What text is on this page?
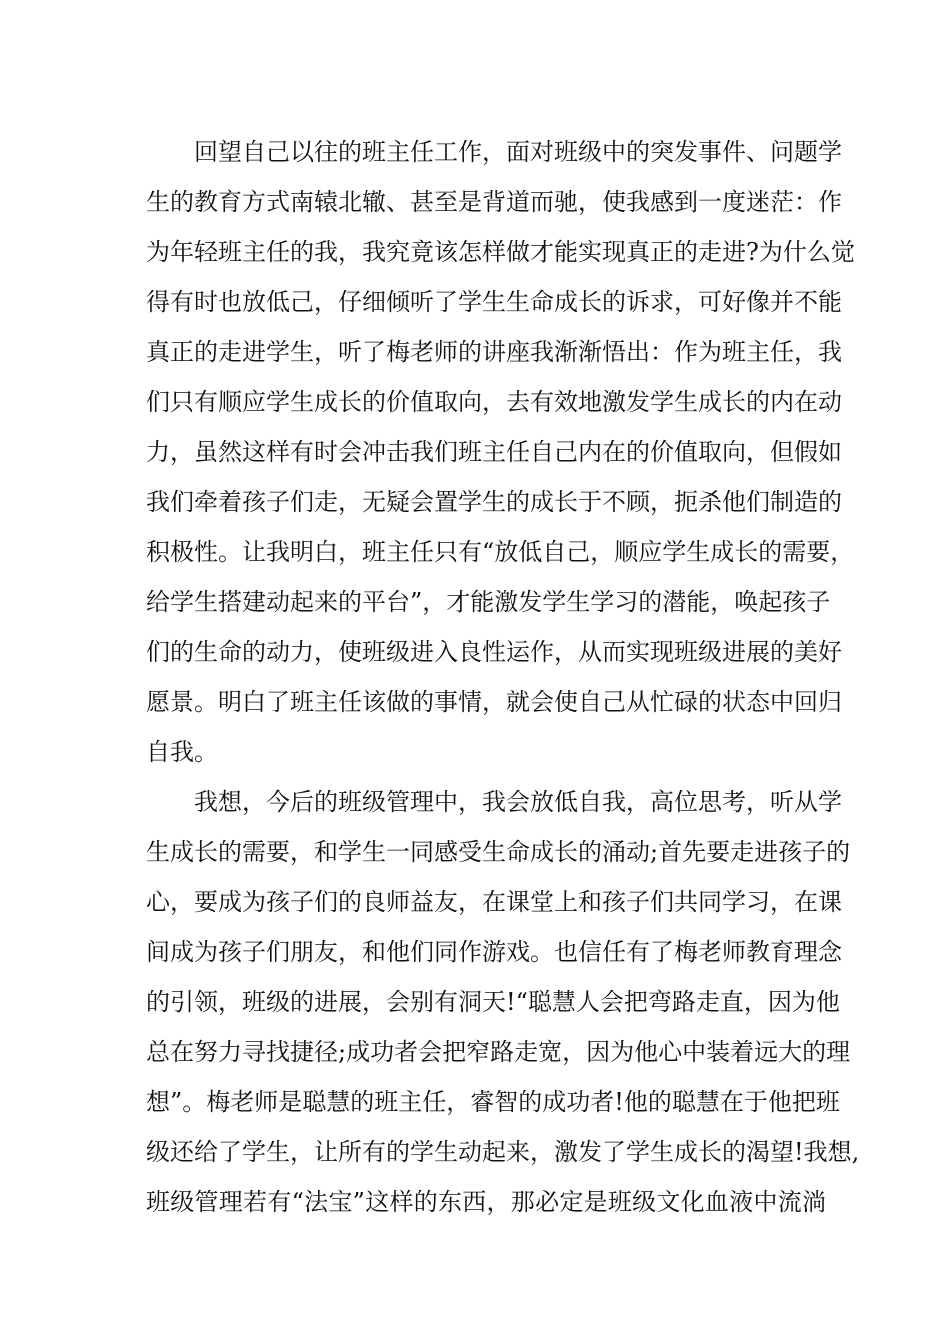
回望自己以往的班主任工作，面对班级中的突发事件、问题学
生的教育方式南辕北辙、甚至是背道而驰，使我感到一度迷茫：作
为年轻班主任的我，我究竟该怎样做才能实现真正的走进?为什么觉
得有时也放低己，仔细倾听了学生生命成长的诉求，可好像并不能
真正的走进学生，听了梅老师的讲座我渐渐悟出：作为班主任，我
们只有顺应学生成长的价值取向，去有效地激发学生成长的内在动
力，虽然这样有时会冲击我们班主任自己内在的价值取向，但假如
我们牵着孩子们走，无疑会置学生的成长于不顾，扼杀他们制造的
积极性。让我明白，班主任只有“放低自己，顺应学生成长的需要，
给学生搭建动起来的平台”，才能激发学生学习的潜能，唤起孩子
们的生命的动力，使班级进入良性运作，从而实现班级进展的美好
愿景。明白了班主任该做的事情，就会使自己从忙碌的状态中回归
自我。
我想，今后的班级管理中，我会放低自我，高位思考，听从学
生成长的需要，和学生一同感受生命成长的涌动;首先要走进孩子的
心，要成为孩子们的良师益友，在课堂上和孩子们共同学习，在课
间成为孩子们朋友，和他们同作游戏。也信任有了梅老师教育理念
的引领，班级的进展，会别有洞天!“聪慧人会把弯路走直，因为他
总在努力寻找捷径;成功者会把窄路走宽，因为他心中装着远大的理
想”。梅老师是聪慧的班主任，睿智的成功者!他的聪慧在于他把班
级还给了学生，让所有的学生动起来，激发了学生成长的渴望!我想,
班级管理若有“法宝”这样的东西，那必定是班级文化血液中流淌
